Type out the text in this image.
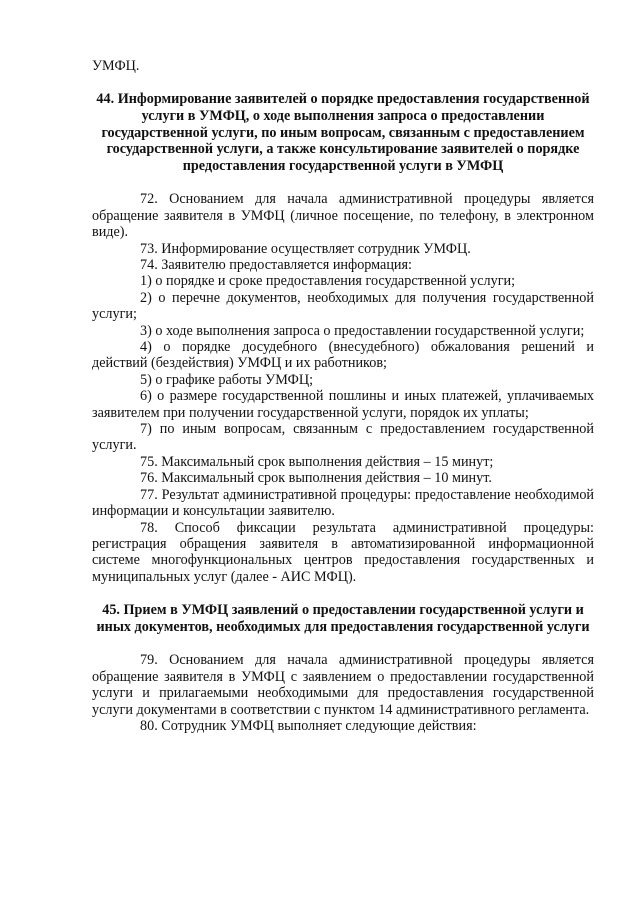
УМФЦ.

44. Информирование заявителей о порядке предоставления государственной услуги в УМФЦ, о ходе выполнения запроса о предоставлении государственной услуги, по иным вопросам, связанным с предоставлением государственной услуги, а также консультирование заявителей о порядке предоставления государственной услуги в УМФЦ

72. Основанием для начала административной процедуры является обращение заявителя в УМФЦ (личное посещение, по телефону, в электронном виде).

73. Информирование осуществляет сотрудник УМФЦ.

74. Заявителю предоставляется информация:

1) о порядке и сроке предоставления государственной услуги;

2) о перечне документов, необходимых для получения государственной услуги;

3) о ходе выполнения запроса о предоставлении государственной услуги;

4) о порядке досудебного (внесудебного) обжалования решений и действий (бездействия) УМФЦ и их работников;

5) о графике работы УМФЦ;

6) о размере государственной пошлины и иных платежей, уплачиваемых заявителем при получении государственной услуги, порядок их уплаты;

7) по иным вопросам, связанным с предоставлением государственной услуги.

75. Максимальный срок выполнения действия – 15 минут;

76. Максимальный срок выполнения действия – 10 минут.

77. Результат административной процедуры: предоставление необходимой информации и консультации заявителю.

78. Способ фиксации результата административной процедуры: регистрация обращения заявителя в автоматизированной информационной системе многофункциональных центров предоставления государственных и муниципальных услуг (далее - АИС МФЦ).

45. Прием в УМФЦ заявлений о предоставлении государственной услуги и иных документов, необходимых для предоставления государственной услуги

79. Основанием для начала административной процедуры является обращение заявителя в УМФЦ с заявлением о предоставлении государственной услуги и прилагаемыми необходимыми для предоставления государственной услуги документами в соответствии с пунктом 14 административного регламента.

80. Сотрудник УМФЦ выполняет следующие действия:
